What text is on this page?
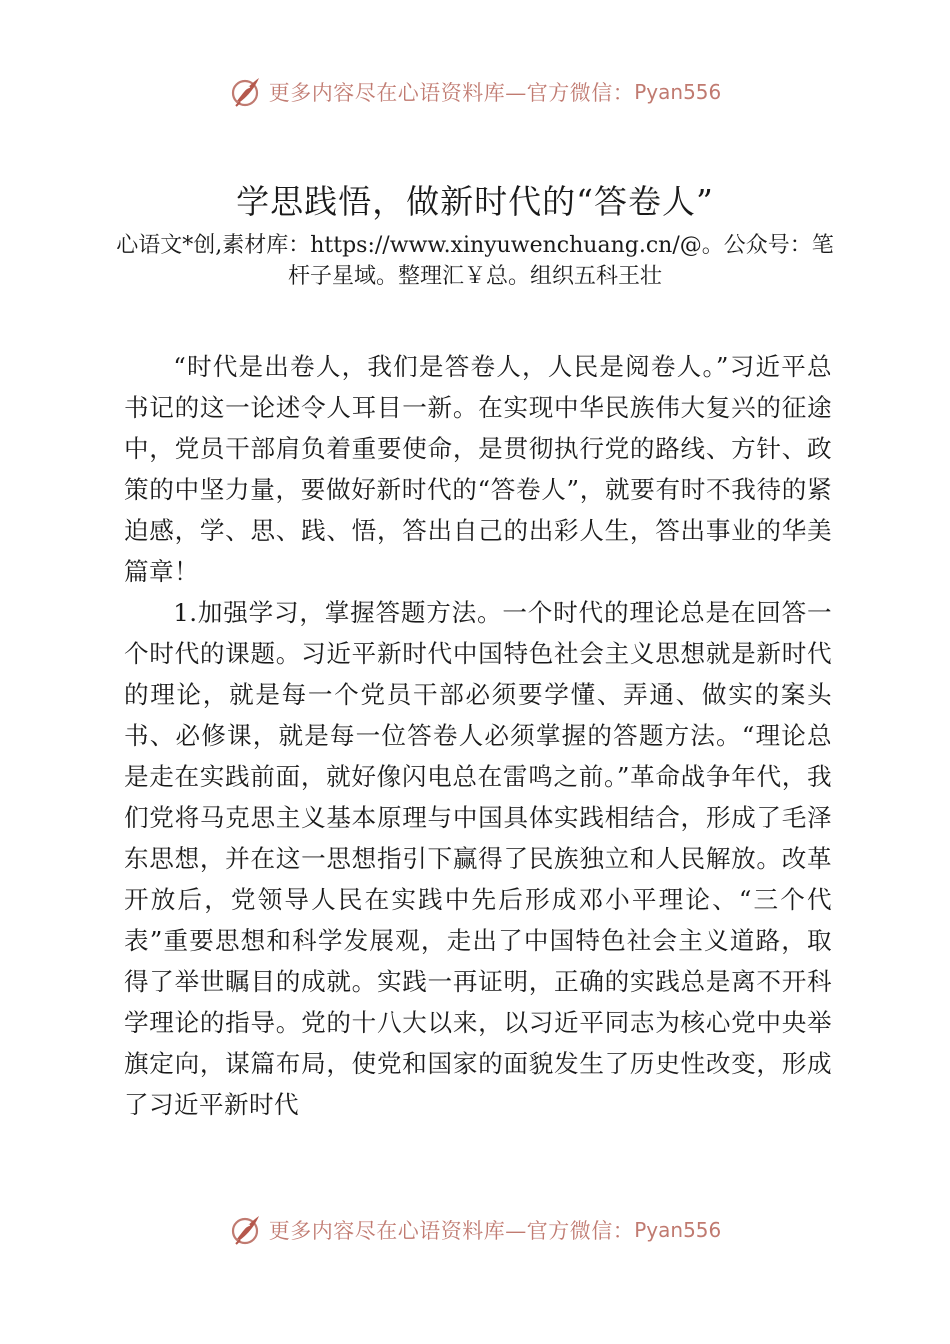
更多内容尽在心语资料库—官方微信： Pyan556
学思践悟，做新时代的“答卷人”
心语文*创,素材库：https://www.xinyuwenchuang.cn/@。公众号：笔杆子星域。整理汇￥总。组织五科王壮

“时代是出卷人，我们是答卷人，人民是阅卷人。”习近平总书记的这一论述令人耳目一新。在实现中华民族伟大复兴的征途中，党员干部肩负着重要使命，是贯彻执行党的路线、方针、政策的中坚力量，要做好新时代的“答卷人”，就要有时不我待的紧迫感，学、思、践、悟，答出自己的出彩人生，答出事业的华美篇章！

1.加强学习，掌握答题方法。一个时代的理论总是在回答一个时代的课题。习近平新时代中国特色社会主义思想就是新时代的理论，就是每一个党员干部必须要学懂、弄通、做实的案头书、必修课，就是每一位答卷人必须掌握的答题方法。“理论总是走在实践前面，就好像闪电总在雷鸣之前。”革命战争年代，我们党将马克思主义基本原理与中国具体实践相结合，形成了毛泽东思想，并在这一思想指引下赢得了民族独立和人民解放。改革开放后，党领导人民在实践中先后形成邓小平理论、“三个代表”重要思想和科学发展观，走出了中国特色社会主义道路，取得了举世瞩目的成就。实践一再证明，正确的实践总是离不开科学理论的指导。党的十八大以来，以习近平同志为核心党中央举旗定向，谋篇布局，使党和国家的面貌发生了历史性改变，形成了习近平新时代

更多内容尽在心语资料库—官方微信： Pyan556
